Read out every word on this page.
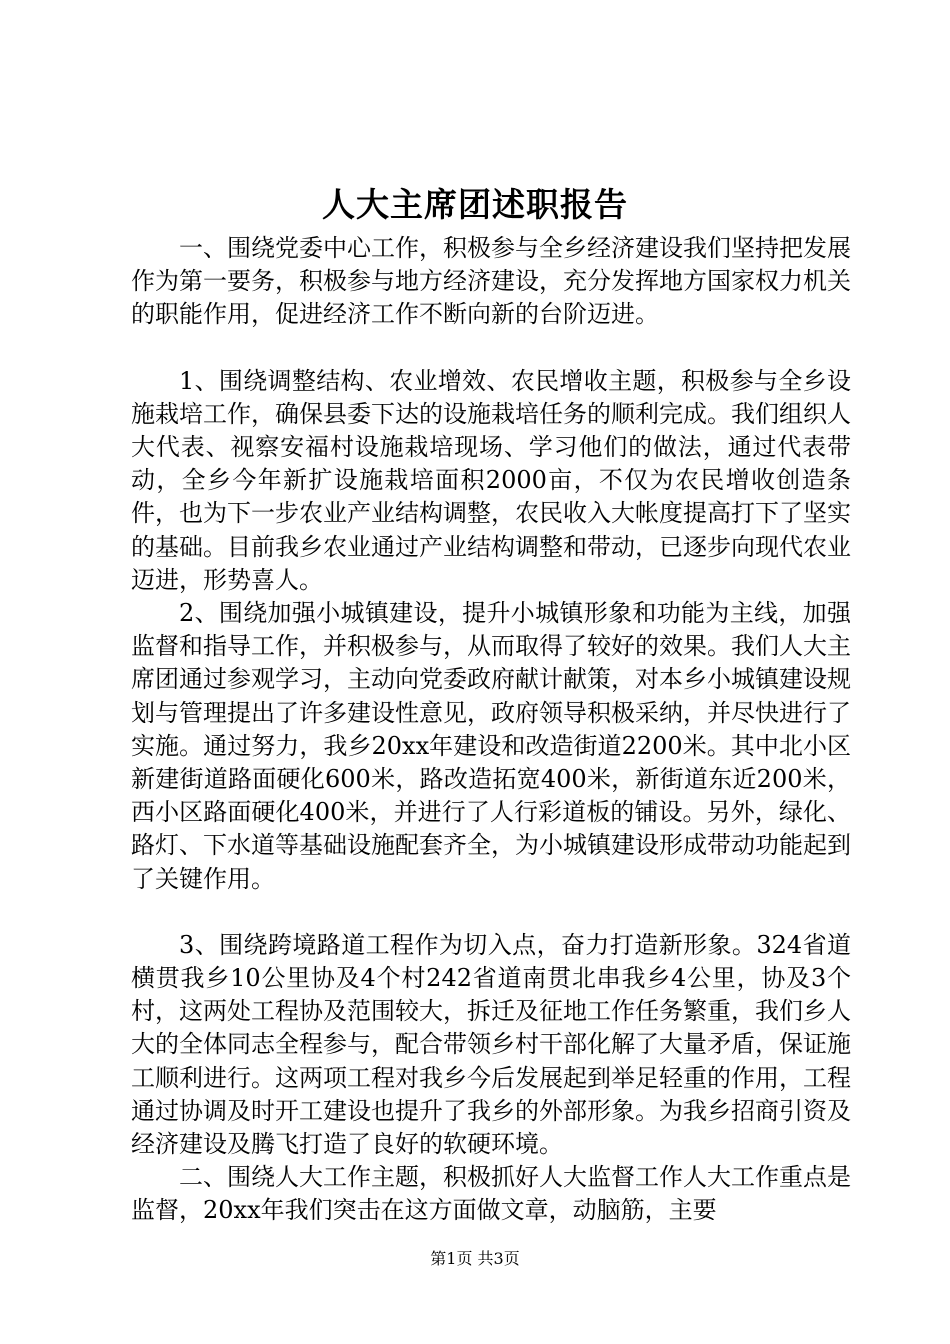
人大主席团述职报告

一、围绕党委中心工作，积极参与全乡经济建设我们坚持把发展作为第一要务，积极参与地方经济建设，充分发挥地方国家权力机关的职能作用，促进经济工作不断向新的台阶迈进。

1、围绕调整结构、农业增效、农民增收主题，积极参与全乡设施栽培工作，确保县委下达的设施栽培任务的顺利完成。我们组织人大代表、视察安福村设施栽培现场、学习他们的做法，通过代表带动，全乡今年新扩设施栽培面积2000亩，不仅为农民增收创造条件，也为下一步农业产业结构调整，农民收入大帐度提高打下了坚实的基础。目前我乡农业通过产业结构调整和带动，已逐步向现代农业迈进，形势喜人。

2、围绕加强小城镇建设，提升小城镇形象和功能为主线，加强监督和指导工作，并积极参与，从而取得了较好的效果。我们人大主席团通过参观学习，主动向党委政府献计献策，对本乡小城镇建设规划与管理提出了许多建设性意见，政府领导积极采纳，并尽快进行了实施。通过努力，我乡20xx年建设和改造街道2200米。其中北小区新建街道路面硬化600米，路改造拓宽400米，新街道东近200米，西小区路面硬化400米，并进行了人行彩道板的铺设。另外，绿化、路灯、下水道等基础设施配套齐全，为小城镇建设形成带动功能起到了关键作用。

3、围绕跨境路道工程作为切入点，奋力打造新形象。324省道横贯我乡10公里协及4个村242省道南贯北串我乡4公里，协及3个村，这两处工程协及范围较大，拆迁及征地工作任务繁重，我们乡人大的全体同志全程参与，配合带领乡村干部化解了大量矛盾，保证施工顺利进行。这两项工程对我乡今后发展起到举足轻重的作用，工程通过协调及时开工建设也提升了我乡的外部形象。为我乡招商引资及经济建设及腾飞打造了良好的软硬环境。

二、围绕人大工作主题，积极抓好人大监督工作人大工作重点是监督，20xx年我们突击在这方面做文章，动脑筋，主要

第1页 共3页
